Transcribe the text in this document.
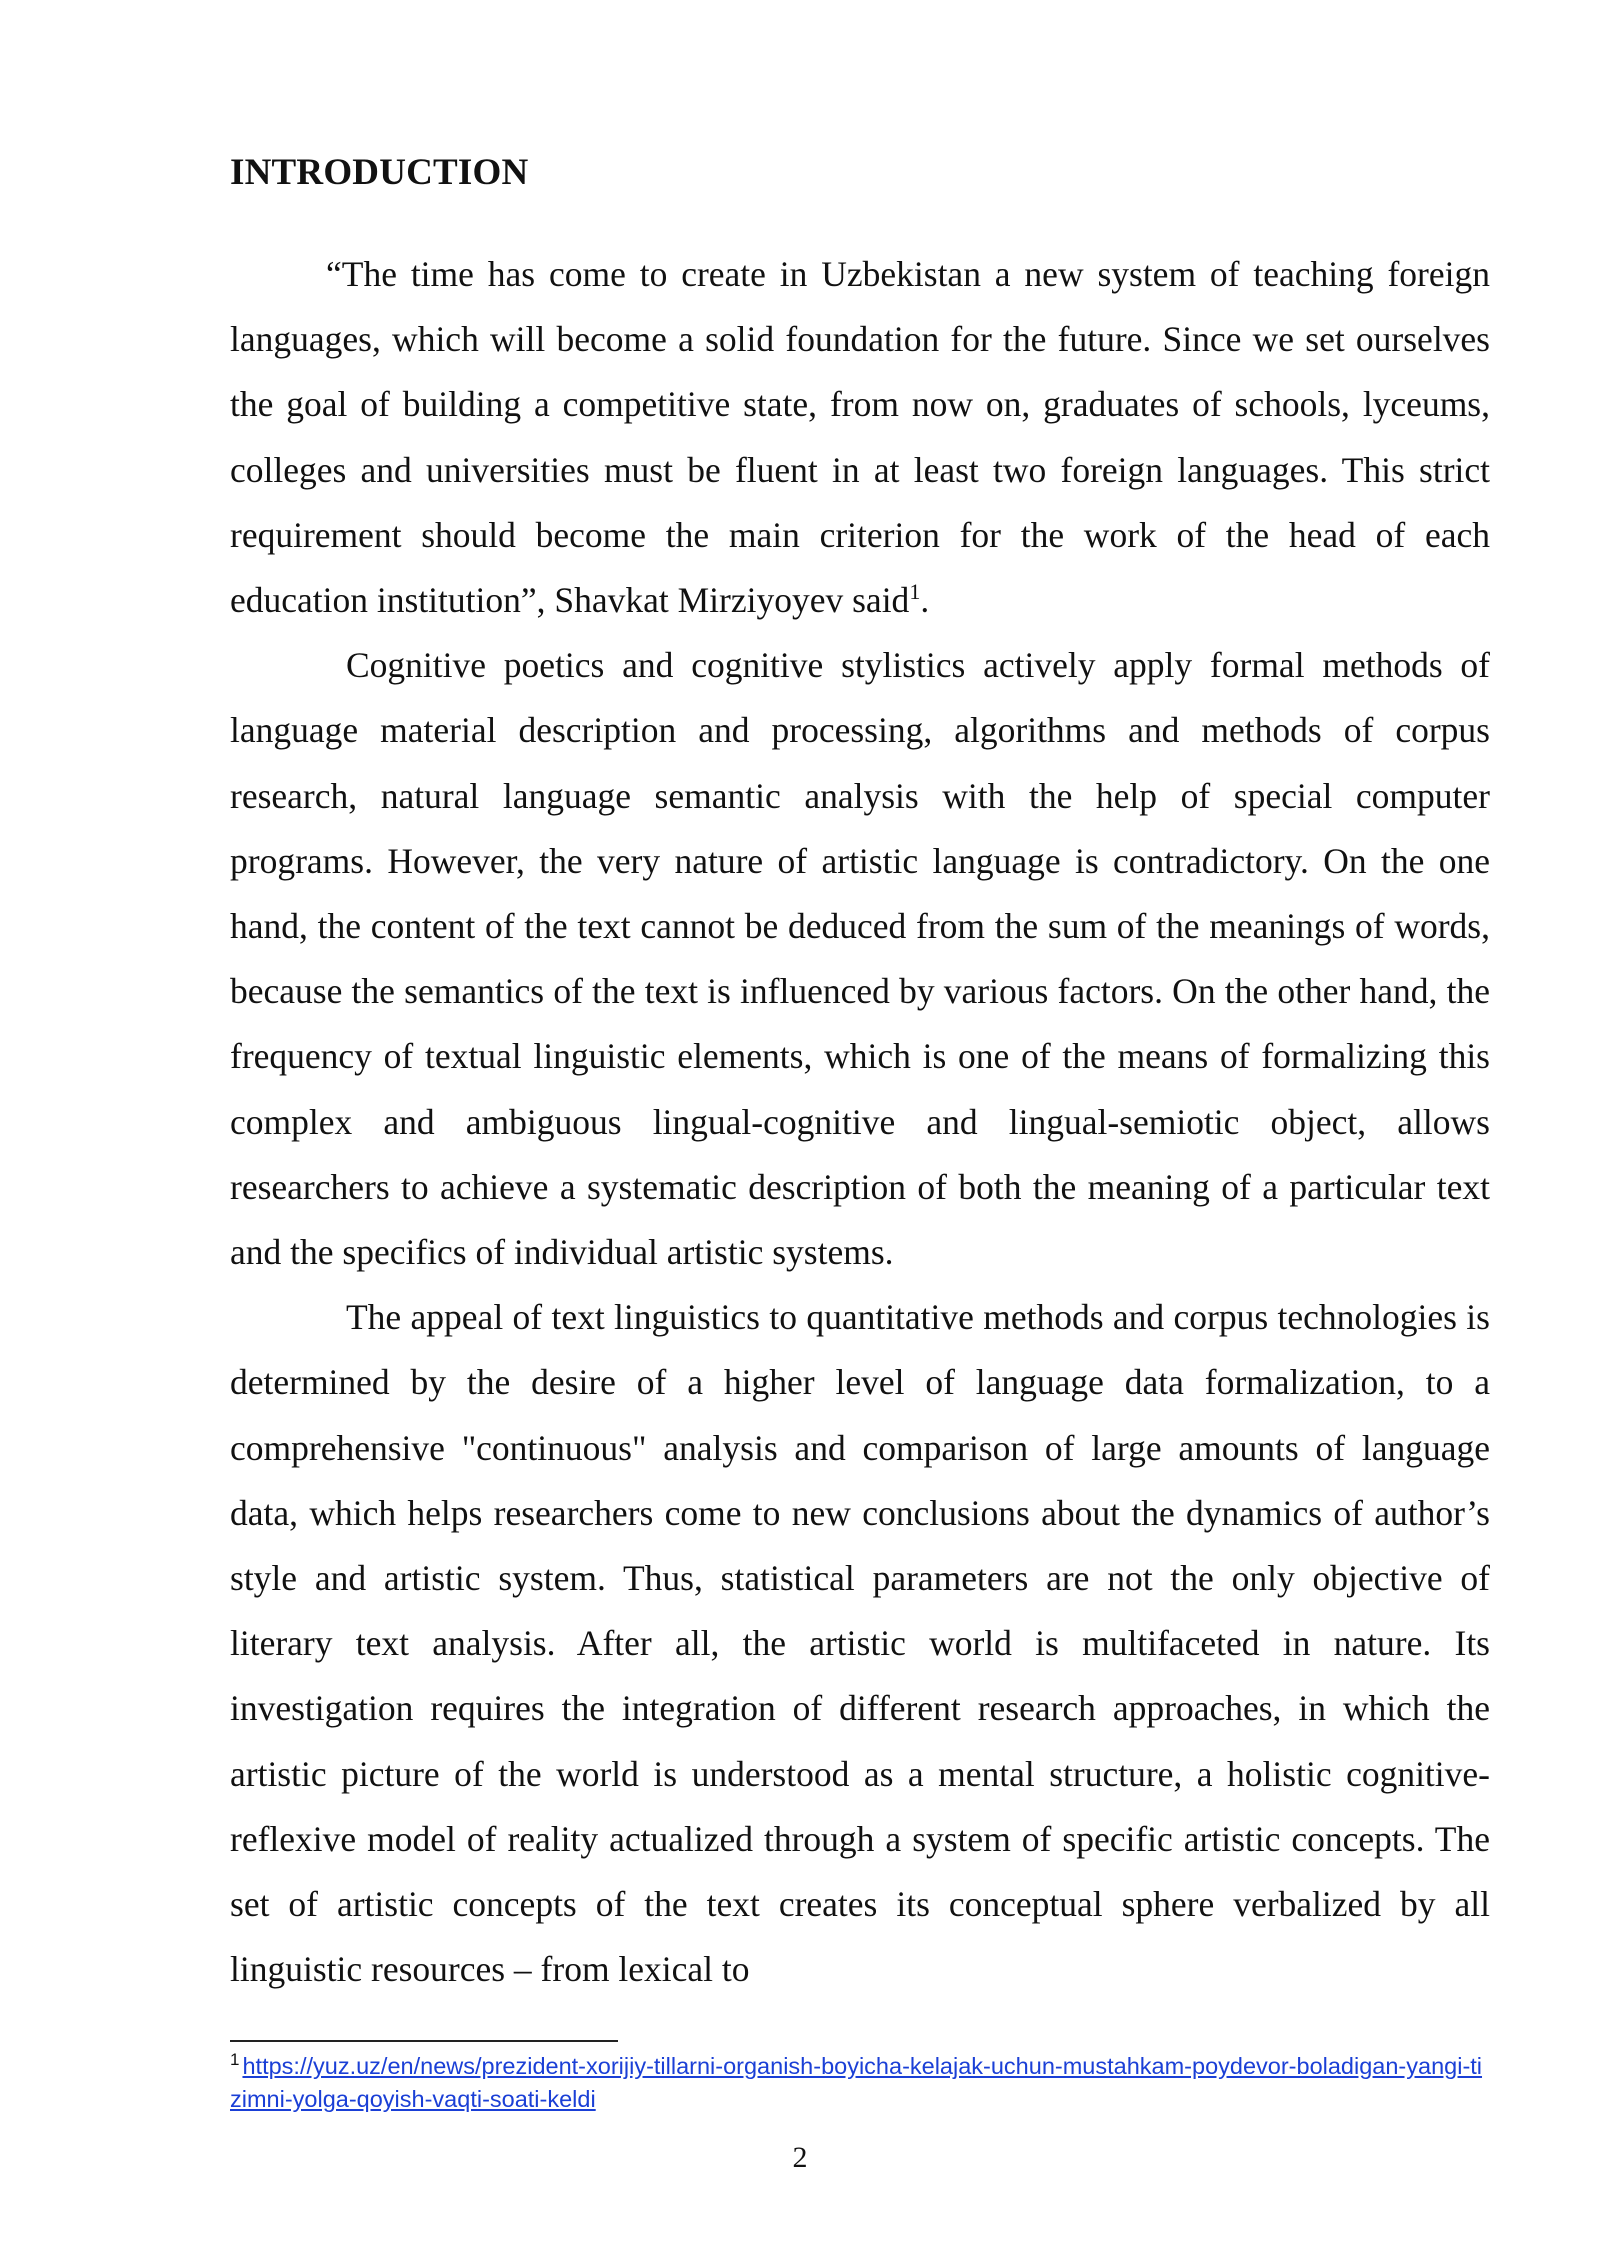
INTRODUCTION

“The time has come to create in Uzbekistan a new system of teaching foreign languages, which will become a solid foundation for the future. Since we set ourselves the goal of building a competitive state, from now on, graduates of schools, lyceums, colleges and universities must be fluent in at least two foreign languages. This strict requirement should become the main criterion for the work of the head of each education institution”, Shavkat Mirziyoyev said$^1$.

Cognitive poetics and cognitive stylistics actively apply formal methods of language material description and processing, algorithms and methods of corpus research, natural language semantic analysis with the help of special computer programs. However, the very nature of artistic language is contradictory. On the one hand, the content of the text cannot be deduced from the sum of the meanings of words, because the semantics of the text is influenced by various factors. On the other hand, the frequency of textual linguistic elements, which is one of the means of formalizing this complex and ambiguous lingual-cognitive and lingual-semiotic object, allows researchers to achieve a systematic description of both the meaning of a particular text and the specifics of individual artistic systems.

The appeal of text linguistics to quantitative methods and corpus technologies is determined by the desire of a higher level of language data formalization, to a comprehensive "continuous" analysis and comparison of large amounts of language data, which helps researchers come to new conclusions about the dynamics of author’s style and artistic system. Thus, statistical parameters are not the only objective of literary text analysis. After all, the artistic world is multifaceted in nature. Its investigation requires the integration of different research approaches, in which the artistic picture of the world is understood as a mental structure, a holistic cognitive-reflexive model of reality actualized through a system of specific artistic concepts. The set of artistic concepts of the text creates its conceptual sphere verbalized by all linguistic resources – from lexical to

$^1$ https://yuz.uz/en/news/prezident-xorijiy-tillarni-organish-boyicha-kelajak-uchun-mustahkam-poydevor-boladigan-yangi-tizimni-yolga-qoyish-vaqti-soati-keldi
2
